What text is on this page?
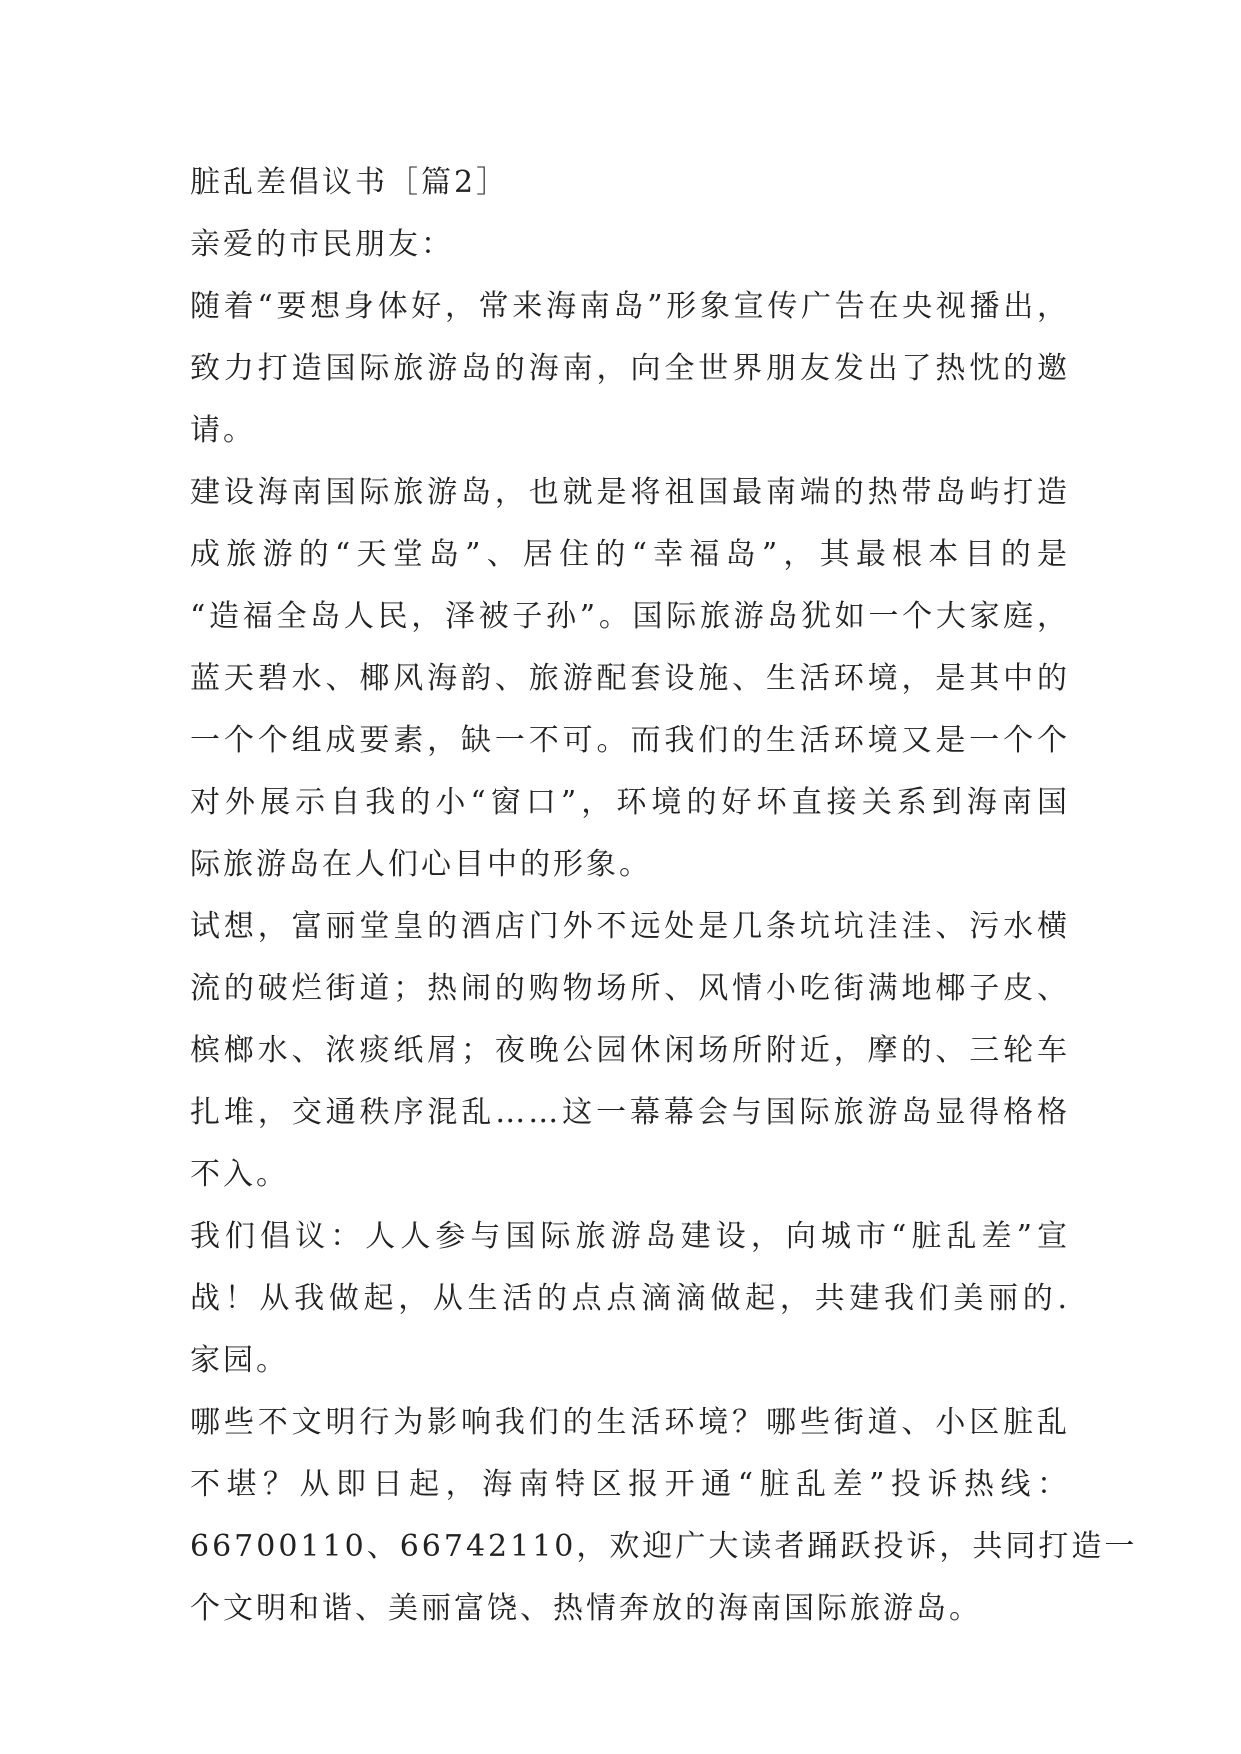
脏乱差倡议书［篇2］

亲爱的市民朋友：

随着“要想身体好，常来海南岛”形象宣传广告在央视播出，
致力打造国际旅游岛的海南，向全世界朋友发出了热忱的邀
请。
建设海南国际旅游岛，也就是将祖国最南端的热带岛屿打造
成旅游的“天堂岛”、居住的“幸福岛”，其最根本目的是
“造福全岛人民，泽被子孙”。国际旅游岛犹如一个大家庭，
蓝天碧水、椰风海韵、旅游配套设施、生活环境，是其中的
一个个组成要素，缺一不可。而我们的生活环境又是一个个
对外展示自我的小“窗口”，环境的好坏直接关系到海南国
际旅游岛在人们心目中的形象。
试想，富丽堂皇的酒店门外不远处是几条坑坑洼洼、污水横
流的破烂街道；热闹的购物场所、风情小吃街满地椰子皮、
槟榔水、浓痰纸屑；夜晚公园休闲场所附近，摩的、三轮车
扎堆，交通秩序混乱……这一幕幕会与国际旅游岛显得格格
不入。
我们倡议：人人参与国际旅游岛建设，向城市“脏乱差”宣
战！从我做起，从生活的点点滴滴做起，共建我们美丽的.
家园。
哪些不文明行为影响我们的生活环境？哪些街道、小区脏乱
不堪？从即日起，海南特区报开通“脏乱差”投诉热线：
66700110、66742110，欢迎广大读者踊跃投诉，共同打造一
个文明和谐、美丽富饶、热情奔放的海南国际旅游岛。
